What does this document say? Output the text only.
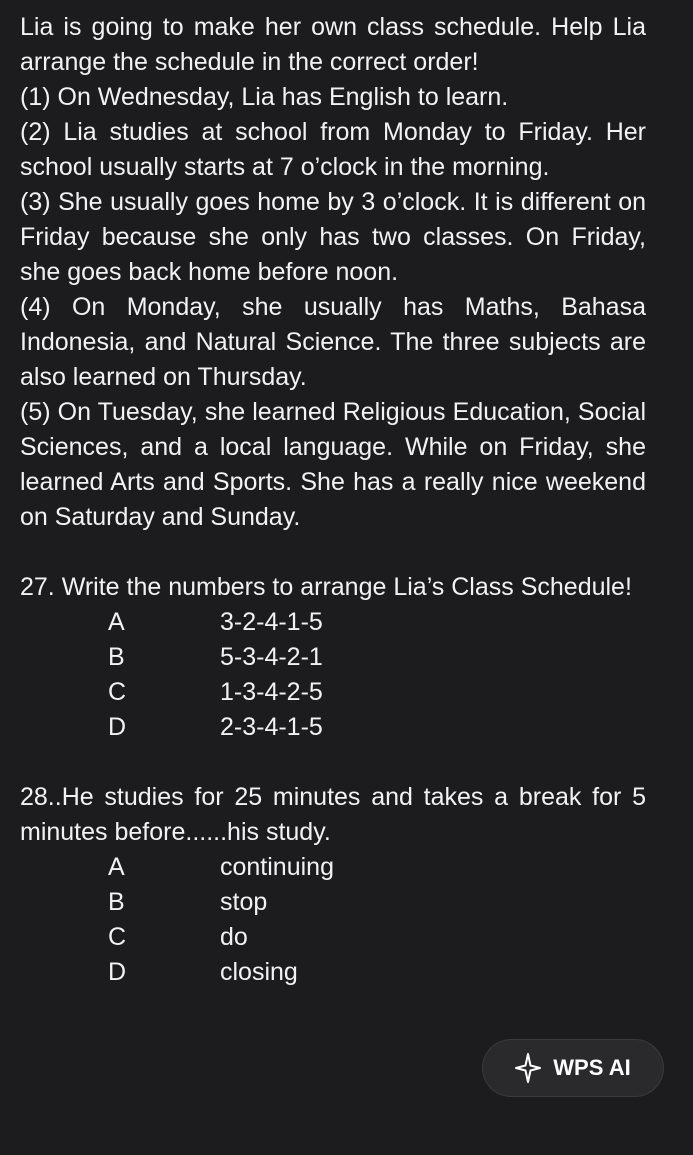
Lia is going to make her own class schedule. Help Lia arrange the schedule in the correct order!

(1) On Wednesday, Lia has English to learn.

(2) Lia studies at school from Monday to Friday. Her school usually starts at 7 o’clock in the morning.

(3) She usually goes home by 3 o’clock. It is different on Friday because she only has two classes. On Friday, she goes back home before noon.

(4) On Monday, she usually has Maths, Bahasa Indonesia, and Natural Science. The three subjects are also learned on Thursday.

(5) On Tuesday, she learned Religious Education, Social Sciences, and a local language. While on Friday, she learned Arts and Sports. She has a really nice weekend on Saturday and Sunday.

27. Write the numbers to arrange Lia’s Class Schedule!

A	3-2-4-1-5
B	5-3-4-2-1
C	1-3-4-2-5
D	2-3-4-1-5

28..He studies for 25 minutes and takes a break for 5 minutes before......his study.

A	continuing
B	stop
C	do
D	closing
WPS AI
